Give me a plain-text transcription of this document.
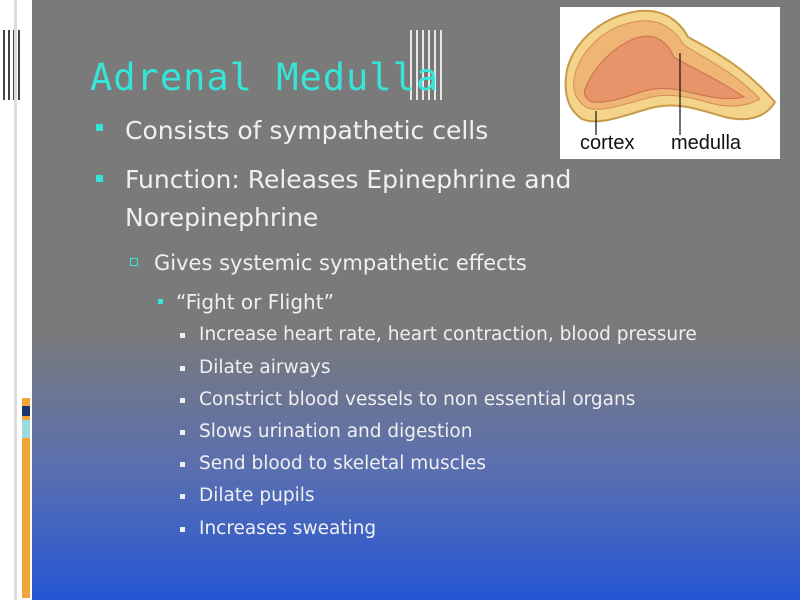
Adrenal Medulla
Consists of sympathetic cells
Function: Releases Epinephrine and
Norepinephrine
Gives systemic sympathetic effects
“Fight or Flight”
Increase heart rate, heart contraction, blood pressure
Dilate airways
Constrict blood vessels to non essential organs
Slows urination and digestion
Send blood to skeletal muscles
Dilate pupils
Increases sweating
cortex medulla
